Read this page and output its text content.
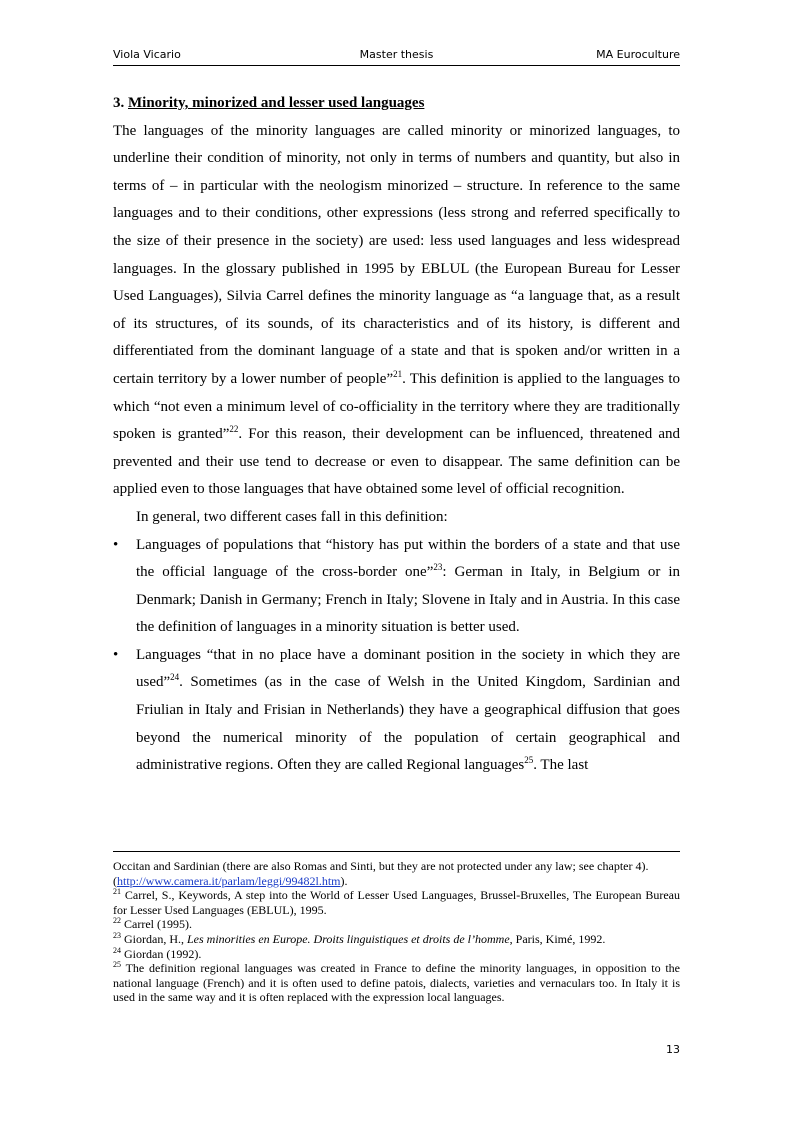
Viola Vicario	Master thesis	MA Euroculture
3. Minority, minorized and lesser used languages

The languages of the minority languages are called minority or minorized languages, to underline their condition of minority, not only in terms of numbers and quantity, but also in terms of – in particular with the neologism minorized – structure. In reference to the same languages and to their conditions, other expressions (less strong and referred specifically to the size of their presence in the society) are used: less used languages and less widespread languages. In the glossary published in 1995 by EBLUL (the European Bureau for Lesser Used Languages), Silvia Carrel defines the minority language as “a language that, as a result of its structures, of its sounds, of its characteristics and of its history, is different and differentiated from the dominant language of a state and that is spoken and/or written in a certain territory by a lower number of people”$^{21}$. This definition is applied to the languages to which “not even a minimum level of co-officiality in the territory where they are traditionally spoken is granted”$^{22}$. For this reason, their development can be influenced, threatened and prevented and their use tend to decrease or even to disappear. The same definition can be applied even to those languages that have obtained some level of official recognition.

In general, two different cases fall in this definition:

• Languages of populations that “history has put within the borders of a state and that use the official language of the cross-border one”$^{23}$: German in Italy, in Belgium or in Denmark; Danish in Germany; French in Italy; Slovene in Italy and in Austria. In this case the definition of languages in a minority situation is better used.
• Languages “that in no place have a dominant position in the society in which they are used”$^{24}$. Sometimes (as in the case of Welsh in the United Kingdom, Sardinian and Friulian in Italy and Frisian in Netherlands) they have a geographical diffusion that goes beyond the numerical minority of the population of certain geographical and administrative regions. Often they are called Regional languages$^{25}$. The last

Occitan and Sardinian (there are also Romas and Sinti, but they are not protected under any law; see chapter 4).

(http://www.camera.it/parlam/leggi/99482l.htm).

$^{21}$ Carrel, S., Keywords, A step into the World of Lesser Used Languages, Brussel-Bruxelles, The European Bureau for Lesser Used Languages (EBLUL), 1995.

$^{22}$ Carrel (1995).

$^{23}$ Giordan, H., Les minorities en Europe. Droits linguistiques et droits de l’homme, Paris, Kimé, 1992.

$^{24}$ Giordan (1992).

$^{25}$ The definition regional languages was created in France to define the minority languages, in opposition to the national language (French) and it is often used to define patois, dialects, varieties and vernaculars too. In Italy it is used in the same way and it is often replaced with the expression local languages.

13
